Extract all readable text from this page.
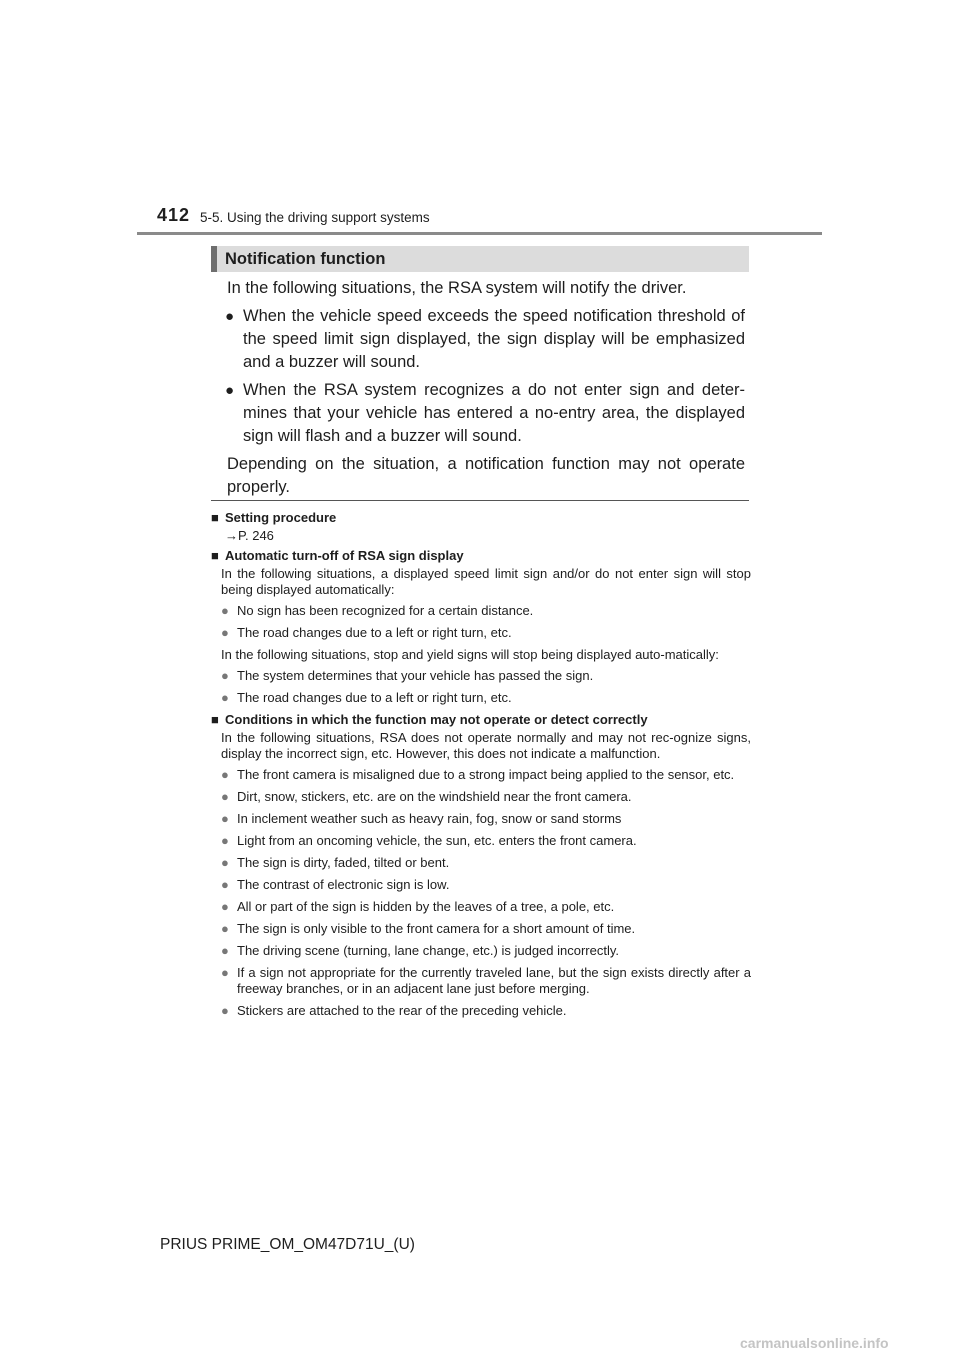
412 5-5. Using the driving support systems
Notification function

In the following situations, the RSA system will notify the driver.

● When the vehicle speed exceeds the speed notification threshold of the speed limit sign displayed, the sign display will be emphasized and a buzzer will sound.
● When the RSA system recognizes a do not enter sign and deter-mines that your vehicle has entered a no-entry area, the displayed sign will flash and a buzzer will sound.

Depending on the situation, a notification function may not operate properly.

■ Setting procedure
→P. 246
■ Automatic turn-off of RSA sign display
In the following situations, a displayed speed limit sign and/or do not enter sign will stop being displayed automatically:
● No sign has been recognized for a certain distance.
● The road changes due to a left or right turn, etc.
In the following situations, stop and yield signs will stop being displayed auto-matically:
● The system determines that your vehicle has passed the sign.
● The road changes due to a left or right turn, etc.
■ Conditions in which the function may not operate or detect correctly
In the following situations, RSA does not operate normally and may not rec-ognize signs, display the incorrect sign, etc. However, this does not indicate a malfunction.
● The front camera is misaligned due to a strong impact being applied to the sensor, etc.
● Dirt, snow, stickers, etc. are on the windshield near the front camera.
● In inclement weather such as heavy rain, fog, snow or sand storms
● Light from an oncoming vehicle, the sun, etc. enters the front camera.
● The sign is dirty, faded, tilted or bent.
● The contrast of electronic sign is low.
● All or part of the sign is hidden by the leaves of a tree, a pole, etc.
● The sign is only visible to the front camera for a short amount of time.
● The driving scene (turning, lane change, etc.) is judged incorrectly.
● If a sign not appropriate for the currently traveled lane, but the sign exists directly after a freeway branches, or in an adjacent lane just before merging.
● Stickers are attached to the rear of the preceding vehicle.
PRIUS PRIME_OM_OM47D71U_(U)
carmanualsonline.info
